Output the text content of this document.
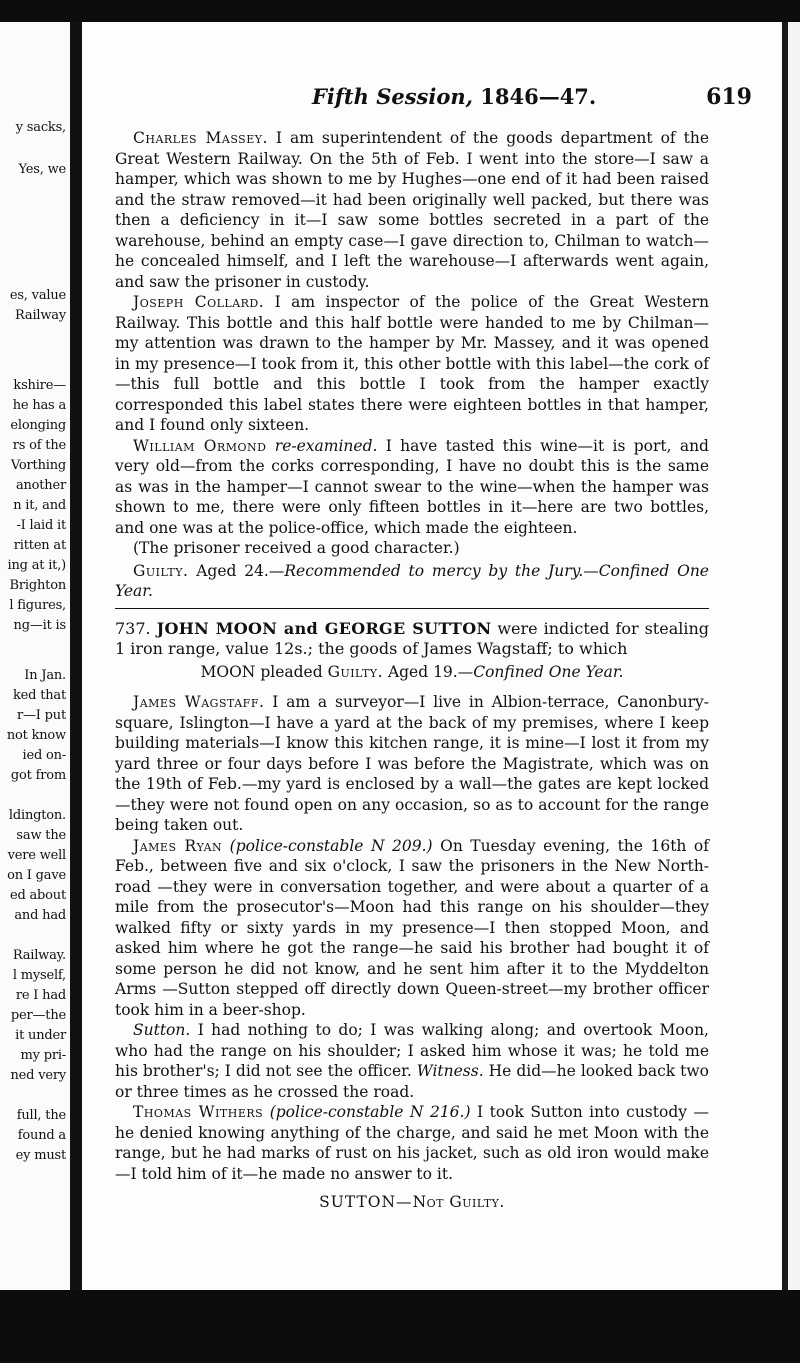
y sacks,
Yes, we
es, value
Railway
kshire—
he has a
elonging
rs of the
Vorthing
another
n it, and
-I laid it
ritten at
ing at it,)
Brighton
l figures,
ng—it is
In Jan.
ked that
r—I put
not know
ied on-
got from
ldington.
saw the
vere well
on I gave
ed about
and had
Railway.
l myself,
re I had
per—the
it under
my pri-
ned very
full, the
found a
ey must
Fifth Session, 1846—47.	619

Charles Massey. I am superintendent of the goods department of the Great Western Railway. On the 5th of Feb. I went into the store—I saw a hamper, which was shown to me by Hughes—one end of it had been raised and the straw removed—it had been originally well packed, but there was then a deficiency in it—I saw some bottles secreted in a part of the warehouse, behind an empty case—I gave direction to, Chilman to watch—he concealed himself, and I left the warehouse—I afterwards went again, and saw the prisoner in custody.

Joseph Collard. I am inspector of the police of the Great Western Railway. This bottle and this half bottle were handed to me by Chilman—my attention was drawn to the hamper by Mr. Massey, and it was opened in my presence—I took from it, this other bottle with this label—the cork of —this full bottle and this bottle I took from the hamper exactly corresponded this label states there were eighteen bottles in that hamper, and I found only sixteen.

William Ormond re-examined. I have tasted this wine—it is port, and very old—from the corks corresponding, I have no doubt this is the same as was in the hamper—I cannot swear to the wine—when the hamper was shown to me, there were only fifteen bottles in it—here are two bottles, and one was at the police-office, which made the eighteen.

(The prisoner received a good character.)

Guilty. Aged 24.—Recommended to mercy by the Jury.—Confined One Year.

737. JOHN MOON and GEORGE SUTTON were indicted for stealing 1 iron range, value 12s.; the goods of James Wagstaff; to which

MOON pleaded Guilty. Aged 19.—Confined One Year.

James Wagstaff. I am a surveyor—I live in Albion-terrace, Canonbury-square, Islington—I have a yard at the back of my premises, where I keep building materials—I know this kitchen range, it is mine—I lost it from my yard three or four days before I was before the Magistrate, which was on the 19th of Feb.—my yard is enclosed by a wall—the gates are kept locked—they were not found open on any occasion, so as to account for the range being taken out.

James Ryan (police-constable N 209.) On Tuesday evening, the 16th of Feb., between five and six o'clock, I saw the prisoners in the New North-road —they were in conversation together, and were about a quarter of a mile from the prosecutor's—Moon had this range on his shoulder—they walked fifty or sixty yards in my presence—I then stopped Moon, and asked him where he got the range—he said his brother had bought it of some person he did not know, and he sent him after it to the Myddelton Arms —Sutton stepped off directly down Queen-street—my brother officer took him in a beer-shop.

Sutton. I had nothing to do; I was walking along; and overtook Moon, who had the range on his shoulder; I asked him whose it was; he told me his brother's; I did not see the officer. Witness. He did—he looked back two or three times as he crossed the road.

Thomas Withers (police-constable N 216.) I took Sutton into custody —he denied knowing anything of the charge, and said he met Moon with the range, but he had marks of rust on his jacket, such as old iron would make —I told him of it—he made no answer to it.

SUTTON—Not Guilty.
